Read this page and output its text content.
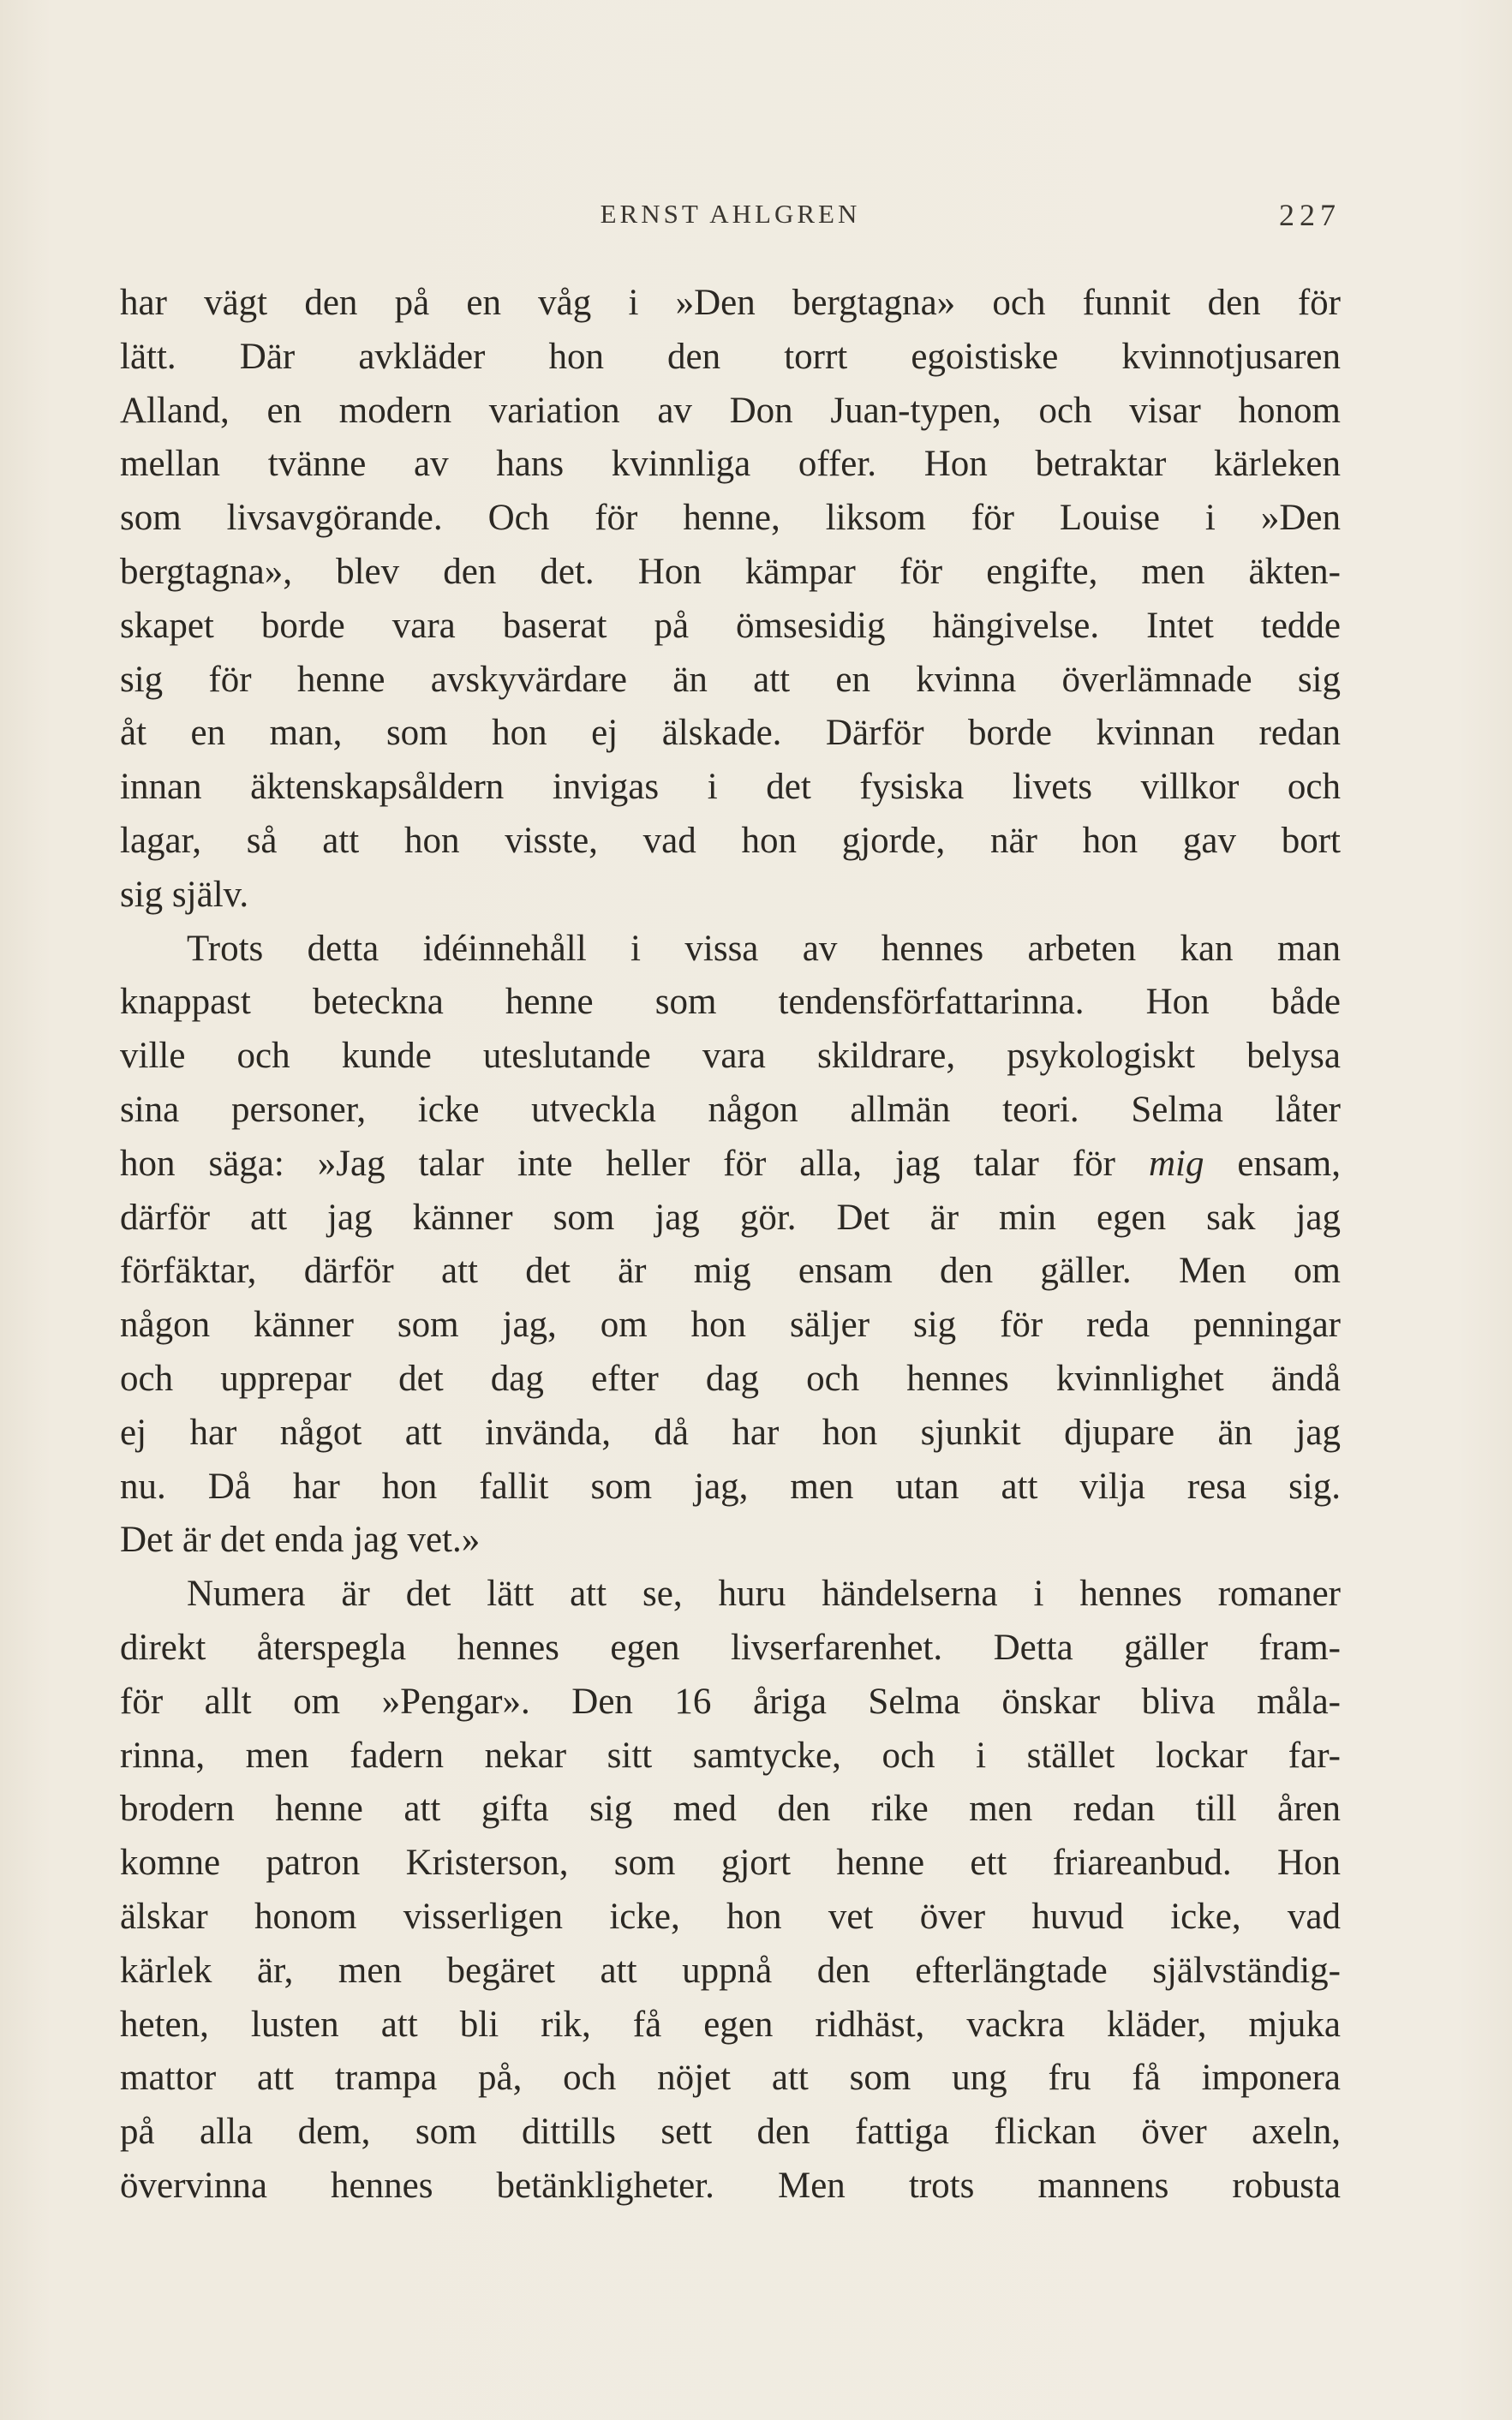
ERNST AHLGREN	227
har vägt den på en våg i »Den bergtagna» och funnit den för
lätt. Där avkläder hon den torrt egoistiske kvinnotjusaren
Alland, en modern variation av Don Juan-typen, och visar honom
mellan tvänne av hans kvinnliga offer. Hon betraktar kärleken
som livsavgörande. Och för henne, liksom för Louise i »Den
bergtagna», blev den det. Hon kämpar för engifte, men äkten-
skapet borde vara baserat på ömsesidig hängivelse. Intet tedde
sig för henne avskyvärdare än att en kvinna överlämnade sig
åt en man, som hon ej älskade. Därför borde kvinnan redan
innan äktenskapsåldern invigas i det fysiska livets villkor och
lagar, så att hon visste, vad hon gjorde, när hon gav bort
sig själv.
Trots detta idéinnehåll i vissa av hennes arbeten kan man
knappast beteckna henne som tendensförfattarinna. Hon både
ville och kunde uteslutande vara skildrare, psykologiskt belysa
sina personer, icke utveckla någon allmän teori. Selma låter
hon säga: »Jag talar inte heller för alla, jag talar för mig ensam,
därför att jag känner som jag gör. Det är min egen sak jag
förfäktar, därför att det är mig ensam den gäller. Men om
någon känner som jag, om hon säljer sig för reda penningar
och upprepar det dag efter dag och hennes kvinnlighet ändå
ej har något att invända, då har hon sjunkit djupare än jag
nu. Då har hon fallit som jag, men utan att vilja resa sig.
Det är det enda jag vet.»
Numera är det lätt att se, huru händelserna i hennes romaner
direkt återspegla hennes egen livserfarenhet. Detta gäller fram-
för allt om »Pengar». Den 16 åriga Selma önskar bliva måla-
rinna, men fadern nekar sitt samtycke, och i stället lockar far-
brodern henne att gifta sig med den rike men redan till åren
komne patron Kristerson, som gjort henne ett friareanbud. Hon
älskar honom visserligen icke, hon vet över huvud icke, vad
kärlek är, men begäret att uppnå den efterlängtade självständig-
heten, lusten att bli rik, få egen ridhäst, vackra kläder, mjuka
mattor att trampa på, och nöjet att som ung fru få imponera
på alla dem, som dittills sett den fattiga flickan över axeln,
övervinna hennes betänkligheter. Men trots mannens robusta
